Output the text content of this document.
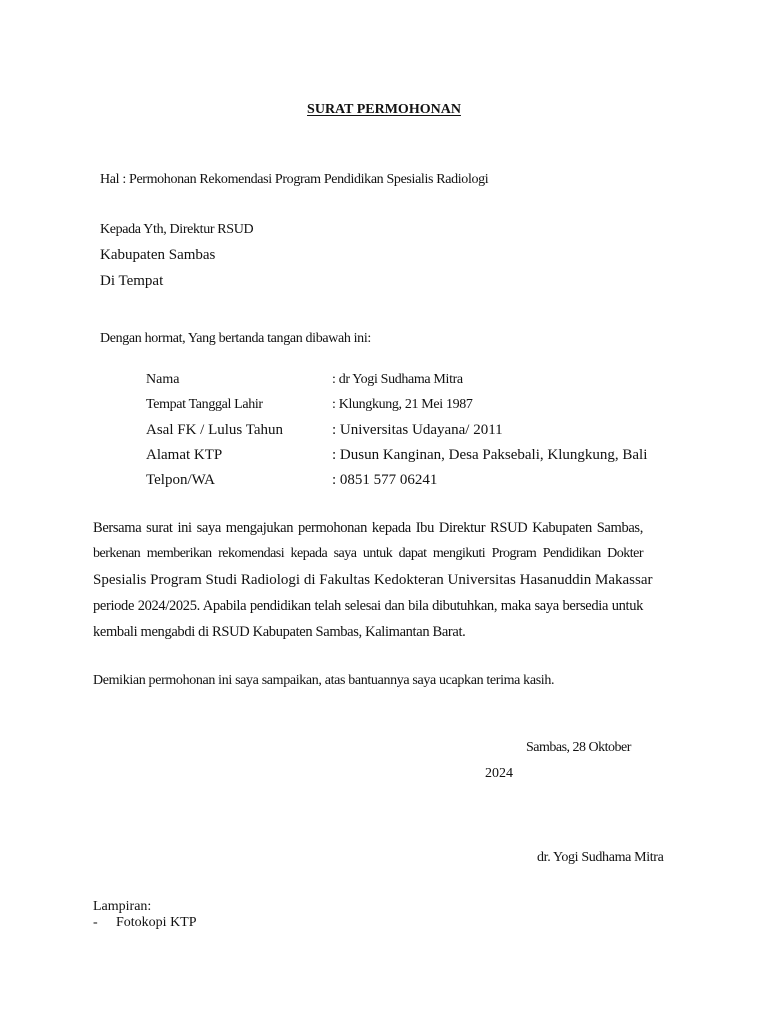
SURAT PERMOHONAN
Hal : Permohonan Rekomendasi Program Pendidikan Spesialis Radiologi
Kepada Yth, Direktur RSUD
Kabupaten Sambas
Di Tempat
Dengan hormat, Yang bertanda tangan dibawah ini:
Nama	: dr Yogi Sudhama Mitra
Tempat Tanggal Lahir	: Klungkung, 21 Mei 1987
Asal FK / Lulus Tahun	: Universitas Udayana/ 2011
Alamat KTP	: Dusun Kanginan, Desa Paksebali, Klungkung, Bali
Telpon/WA	: 0851 577 06241
Bersama surat ini saya mengajukan permohonan kepada Ibu Direktur RSUD Kabupaten Sambas,
berkenan memberikan rekomendasi kepada saya untuk dapat mengikuti Program Pendidikan Dokter
Spesialis Program Studi Radiologi di Fakultas Kedokteran Universitas Hasanuddin Makassar
periode 2024/2025. Apabila pendidikan telah selesai dan bila dibutuhkan, maka saya bersedia untuk
kembali mengabdi di RSUD Kabupaten Sambas, Kalimantan Barat.
Demikian permohonan ini saya sampaikan, atas bantuannya saya ucapkan terima kasih.
Sambas, 28 Oktober
2024
dr. Yogi Sudhama Mitra
Lampiran:
- Fotokopi KTP
